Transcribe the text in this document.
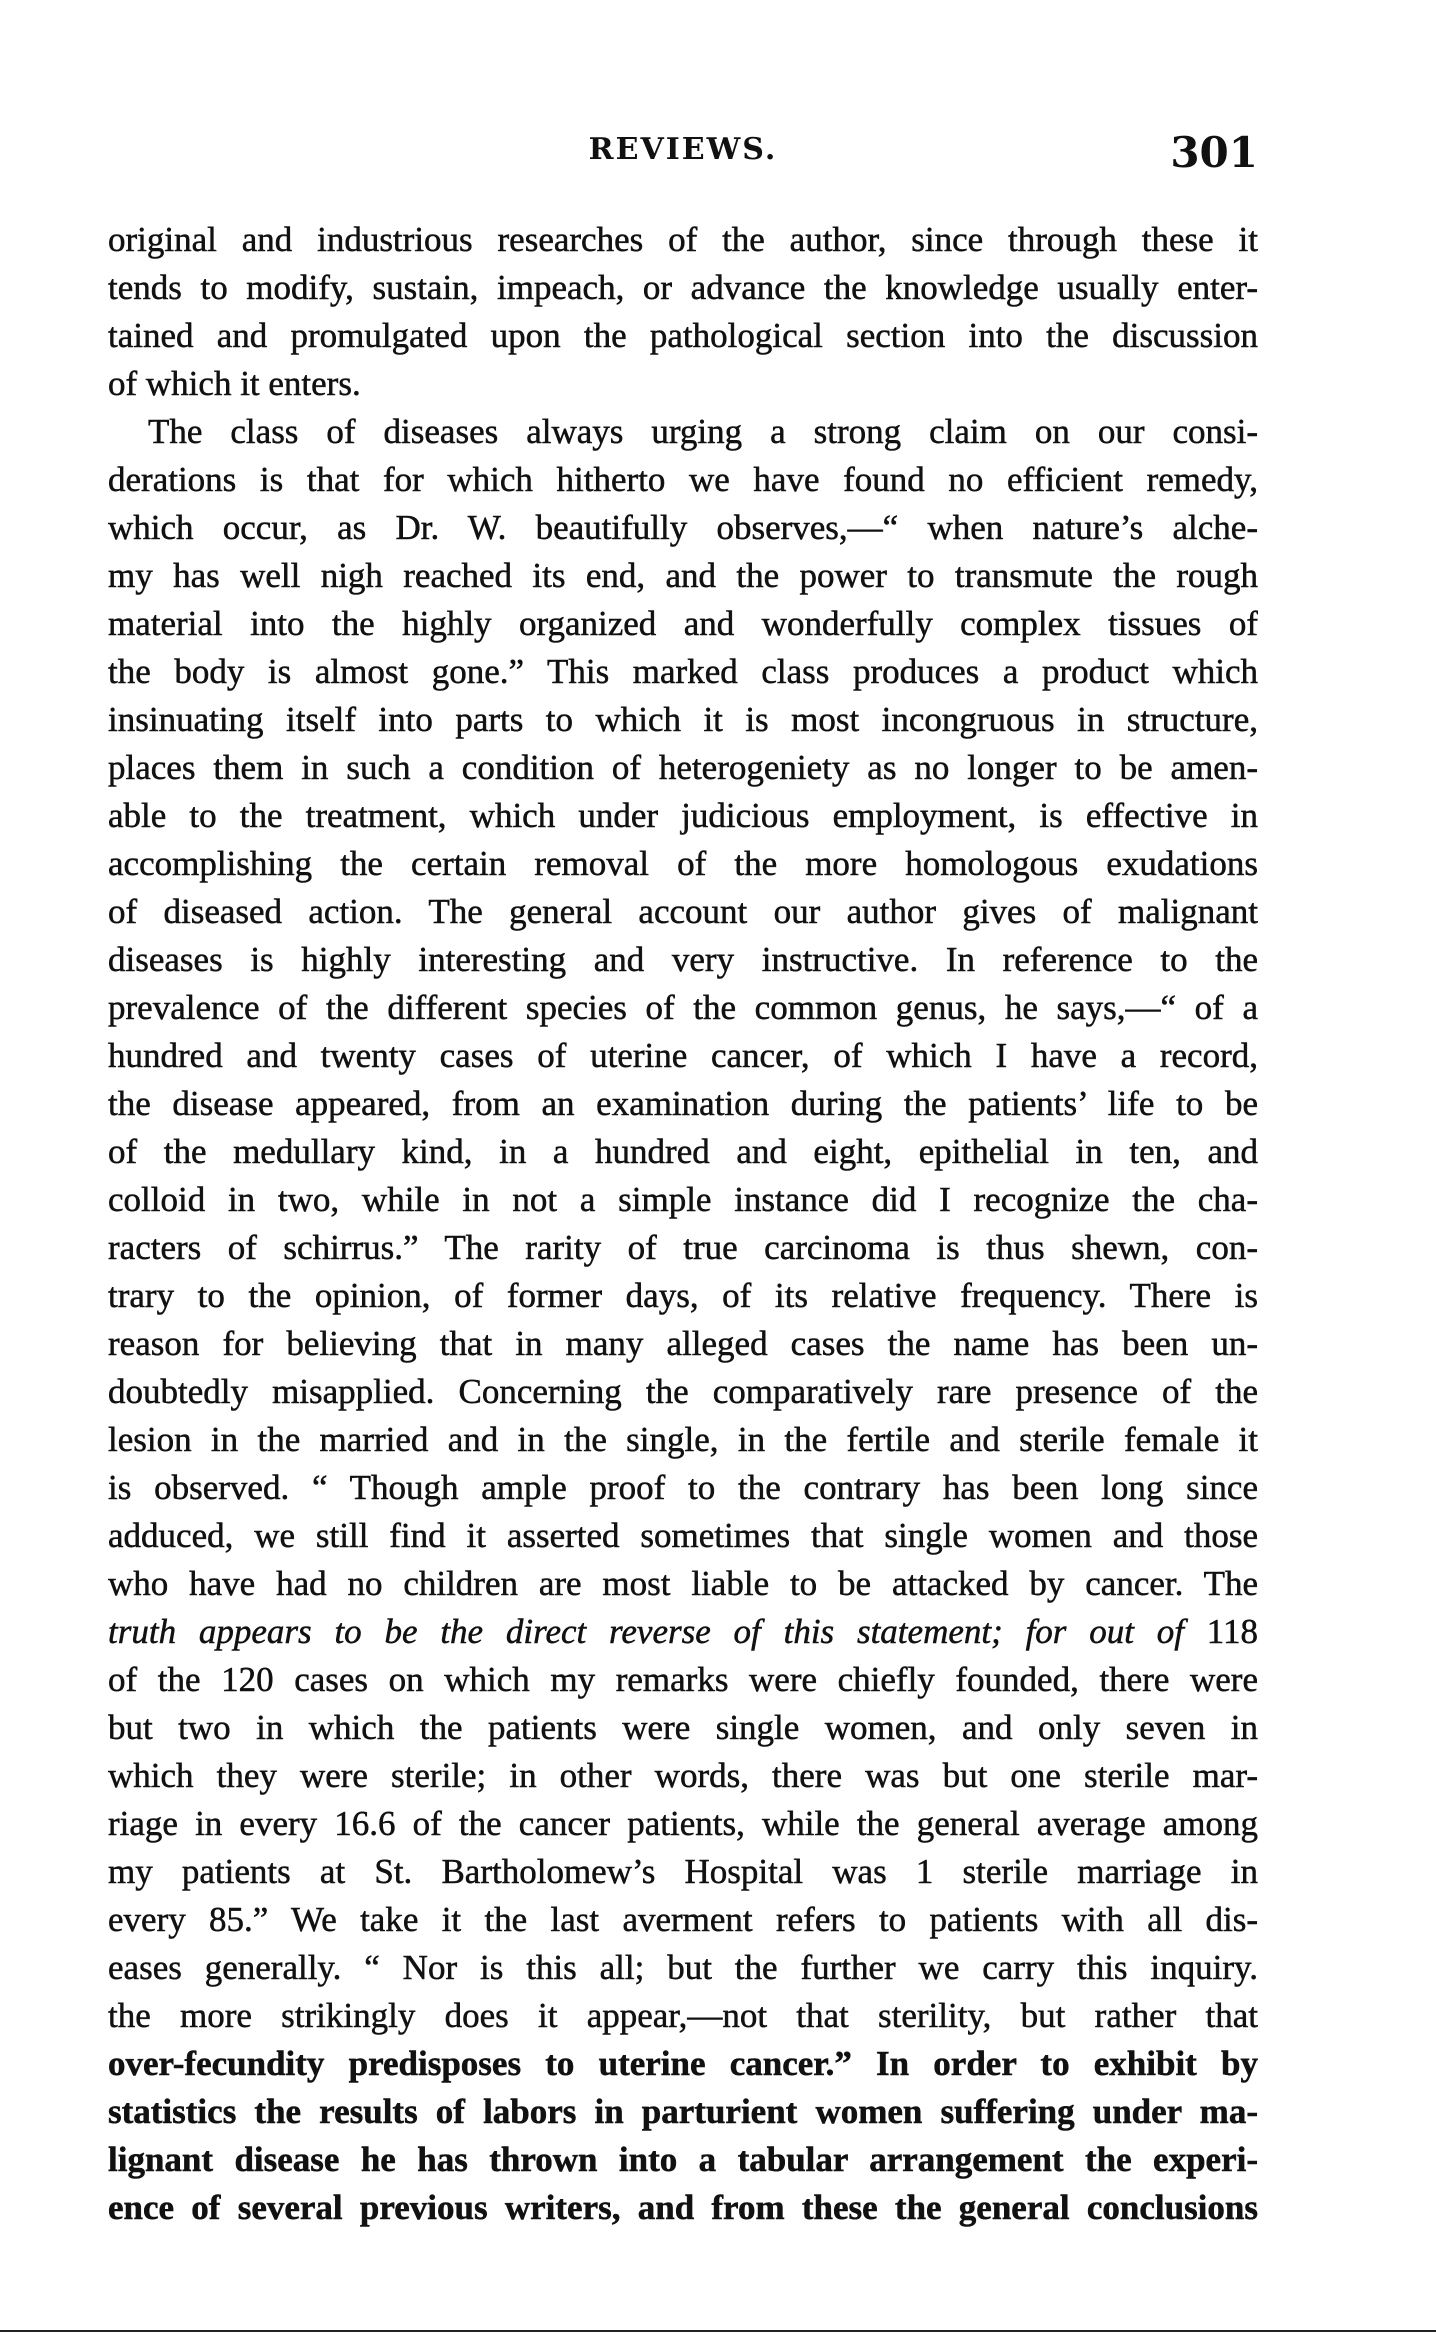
REVIEWS.	301
original and industrious researches of the author, since through these it
tends to modify, sustain, impeach, or advance the knowledge usually enter-
tained and promulgated upon the pathological section into the discussion
of which it enters.
The class of diseases always urging a strong claim on our consi-
derations is that for which hitherto we have found no efficient remedy,
which occur, as Dr. W. beautifully observes,—“ when nature’s alche-
my has well nigh reached its end, and the power to transmute the rough
material into the highly organized and wonderfully complex tissues of
the body is almost gone.” This marked class produces a product which
insinuating itself into parts to which it is most incongruous in structure,
places them in such a condition of heterogeniety as no longer to be amen-
able to the treatment, which under judicious employment, is effective in
accomplishing the certain removal of the more homologous exudations
of diseased action. The general account our author gives of malignant
diseases is highly interesting and very instructive. In reference to the
prevalence of the different species of the common genus, he says,—“ of a
hundred and twenty cases of uterine cancer, of which I have a record,
the disease appeared, from an examination during the patients’ life to be
of the medullary kind, in a hundred and eight, epithelial in ten, and
colloid in two, while in not a simple instance did I recognize the cha-
racters of schirrus.” The rarity of true carcinoma is thus shewn, con-
trary to the opinion, of former days, of its relative frequency. There is
reason for believing that in many alleged cases the name has been un-
doubtedly misapplied. Concerning the comparatively rare presence of the
lesion in the married and in the single, in the fertile and sterile female it
is observed. “ Though ample proof to the contrary has been long since
adduced, we still find it asserted sometimes that single women and those
who have had no children are most liable to be attacked by cancer. The
truth appears to be the direct reverse of this statement; for out of 118
of the 120 cases on which my remarks were chiefly founded, there were
but two in which the patients were single women, and only seven in
which they were sterile; in other words, there was but one sterile mar-
riage in every 16.6 of the cancer patients, while the general average among
my patients at St. Bartholomew’s Hospital was 1 sterile marriage in
every 85.” We take it the last averment refers to patients with all dis-
eases generally. “ Nor is this all; but the further we carry this inquiry.
the more strikingly does it appear,—not that sterility, but rather that
over-fecundity predisposes to uterine cancer.” In order to exhibit by
statistics the results of labors in parturient women suffering under ma-
lignant disease he has thrown into a tabular arrangement the experi-
ence of several previous writers, and from these the general conclusions
